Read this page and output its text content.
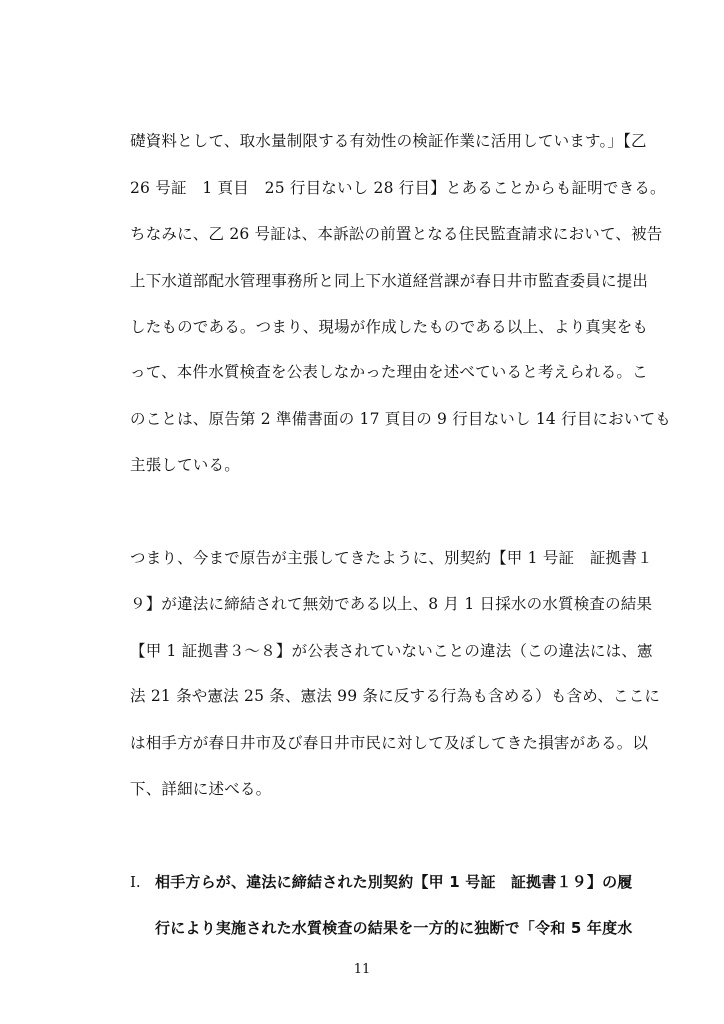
礎資料として、取水量制限する有効性の検証作業に活用しています。」【乙
26 号証　1 頁目　25 行目ないし 28 行目】とあることからも証明できる。
ちなみに、乙 26 号証は、本訴訟の前置となる住民監査請求において、被告
上下水道部配水管理事務所と同上下水道経営課が春日井市監査委員に提出
したものである。つまり、現場が作成したものである以上、より真実をも
って、本件水質検査を公表しなかった理由を述べていると考えられる。こ
のことは、原告第 2 準備書面の 17 頁目の 9 行目ないし 14 行目においても
主張している。
つまり、今まで原告が主張してきたように、別契約【甲 1 号証　証拠書１
９】が違法に締結されて無効である以上、8 月 1 日採水の水質検査の結果
【甲 1 証拠書３～８】が公表されていないことの違法（この違法には、憲
法 21 条や憲法 25 条、憲法 99 条に反する行為も含める）も含め、ここに
は相手方が春日井市及び春日井市民に対して及ぼしてきた損害がある。以
下、詳細に述べる。
I. 相手方らが、違法に締結された別契約【甲 1 号証　証拠書１９】の履
行により実施された水質検査の結果を一方的に独断で「令和 5 年度水
11
